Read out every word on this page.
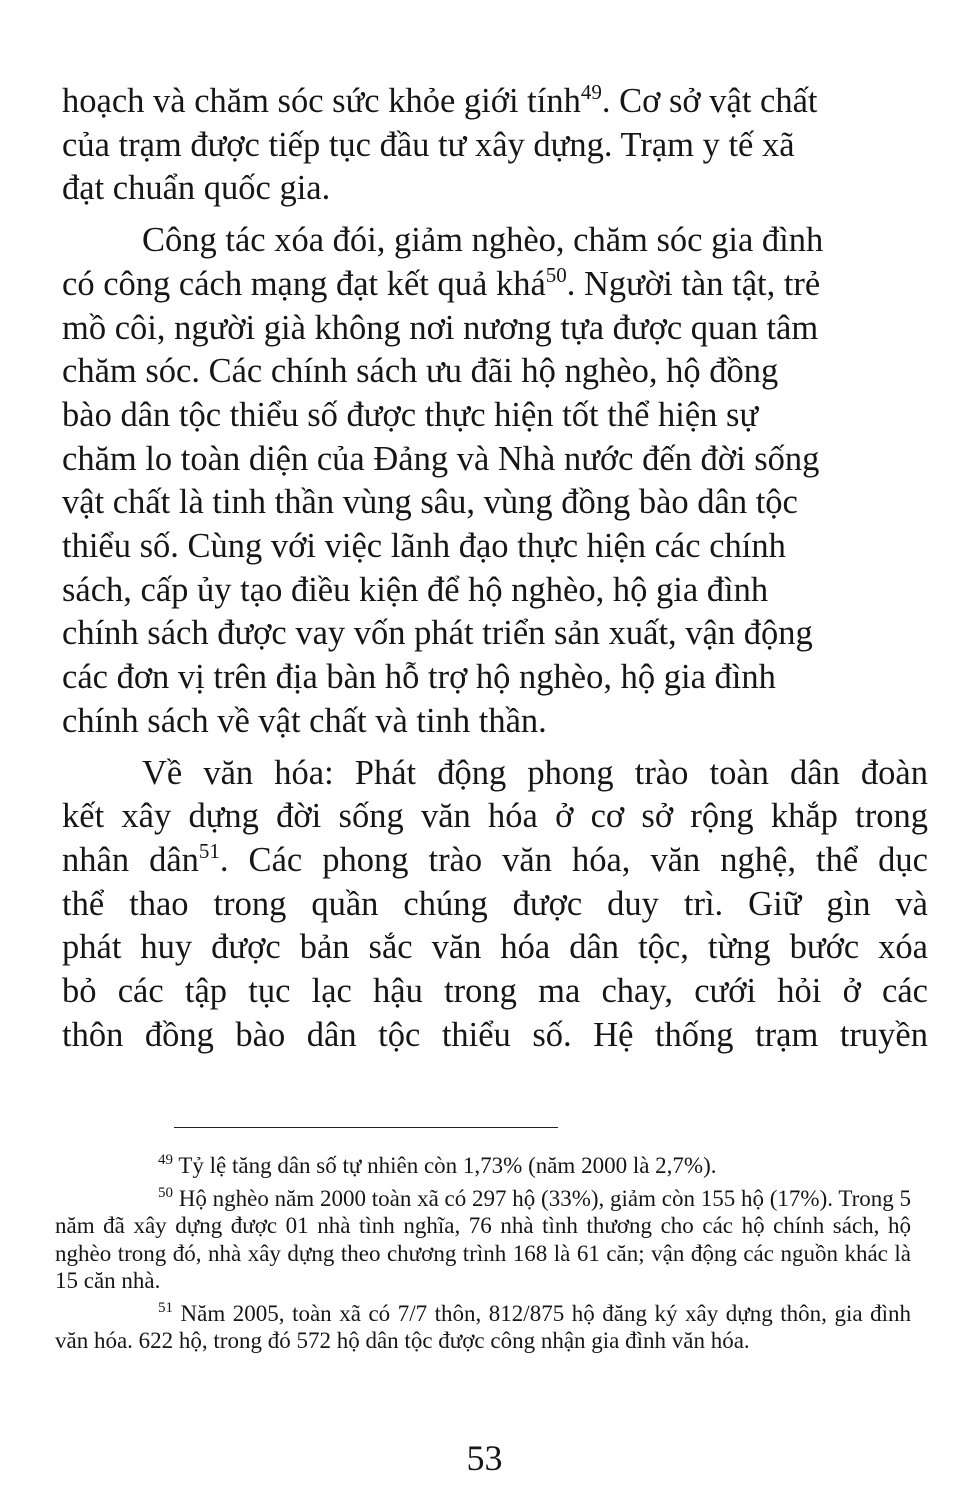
hoạch và chăm sóc sức khỏe giới tính$^{49}$. Cơ sở vật chất
của trạm được tiếp tục đầu tư xây dựng. Trạm y tế xã
đạt chuẩn quốc gia.

Công tác xóa đói, giảm nghèo, chăm sóc gia đình
có công cách mạng đạt kết quả khá$^{50}$. Người tàn tật, trẻ
mồ côi, người già không nơi nương tựa được quan tâm
chăm sóc. Các chính sách ưu đãi hộ nghèo, hộ đồng
bào dân tộc thiểu số được thực hiện tốt thể hiện sự
chăm lo toàn diện của Đảng và Nhà nước đến đời sống
vật chất là tinh thần vùng sâu, vùng đồng bào dân tộc
thiểu số. Cùng với việc lãnh đạo thực hiện các chính
sách, cấp ủy tạo điều kiện để hộ nghèo, hộ gia đình
chính sách được vay vốn phát triển sản xuất, vận động
các đơn vị trên địa bàn hỗ trợ hộ nghèo, hộ gia đình
chính sách về vật chất và tinh thần.

Về văn hóa: Phát động phong trào toàn dân đoàn
kết xây dựng đời sống văn hóa ở cơ sở rộng khắp trong
nhân dân$^{51}$. Các phong trào văn hóa, văn nghệ, thể dục
thể thao trong quần chúng được duy trì. Giữ gìn và
phát huy được bản sắc văn hóa dân tộc, từng bước xóa
bỏ các tập tục lạc hậu trong ma chay, cưới hỏi ở các
thôn đồng bào dân tộc thiểu số. Hệ thống trạm truyền

$^{49}$ Tỷ lệ tăng dân số tự nhiên còn 1,73% (năm 2000 là 2,7%).

$^{50}$ Hộ nghèo năm 2000 toàn xã có 297 hộ (33%), giảm còn 155 hộ (17%). Trong 5 năm đã xây dựng được 01 nhà tình nghĩa, 76 nhà tình thương cho các hộ chính sách, hộ nghèo trong đó, nhà xây dựng theo chương trình 168 là 61 căn; vận động các nguồn khác là 15 căn nhà.

$^{51}$ Năm 2005, toàn xã có 7/7 thôn, 812/875 hộ đăng ký xây dựng thôn, gia đình văn hóa. 622 hộ, trong đó 572 hộ dân tộc được công nhận gia đình văn hóa.

53
